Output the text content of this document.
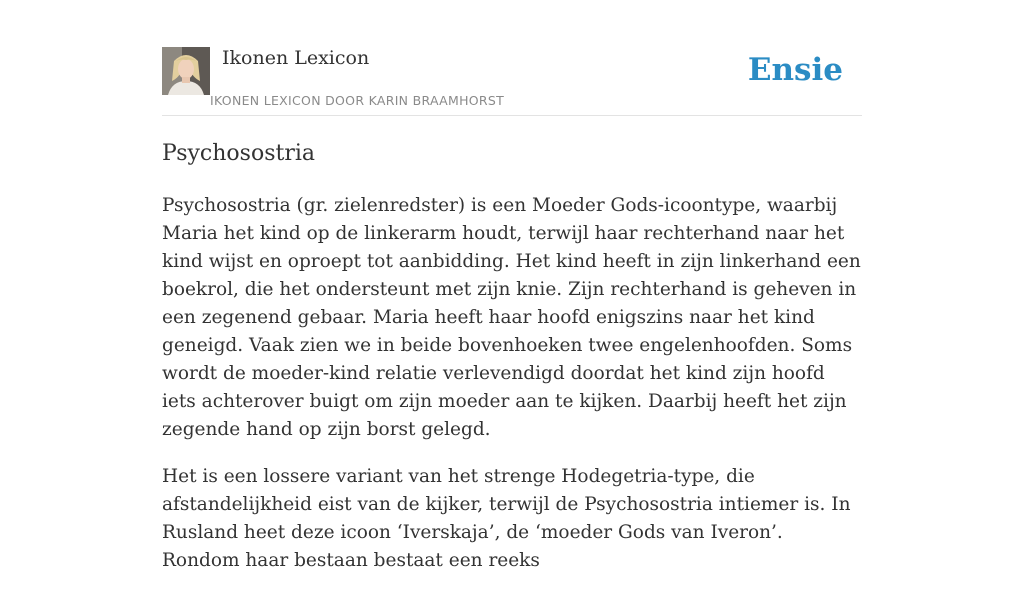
Ikonen Lexicon
IKONEN LEXICON DOOR KARIN BRAAMHORST
Ensie
Psychosostria

Psychosostria (gr. zielenredster) is een Moeder Gods-icoontype, waarbij Maria het kind op de linkerarm houdt, terwijl haar rechterhand naar het kind wijst en oproept tot aanbidding. Het kind heeft in zijn linkerhand een boekrol, die het ondersteunt met zijn knie. Zijn rechterhand is geheven in een zegenend gebaar. Maria heeft haar hoofd enigszins naar het kind geneigd. Vaak zien we in beide bovenhoeken twee engelenhoofden. Soms wordt de moeder-kind relatie verlevendigd doordat het kind zijn hoofd iets achterover buigt om zijn moeder aan te kijken. Daarbij heeft het zijn zegende hand op zijn borst gelegd.

Het is een lossere variant van het strenge Hodegetria-type, die afstandelijkheid eist van de kijker, terwijl de Psychosostria intiemer is. In Rusland heet deze icoon ‘Iverskaja’, de ‘moeder Gods van Iveron’. Rondom haar bestaan bestaat een reeks
